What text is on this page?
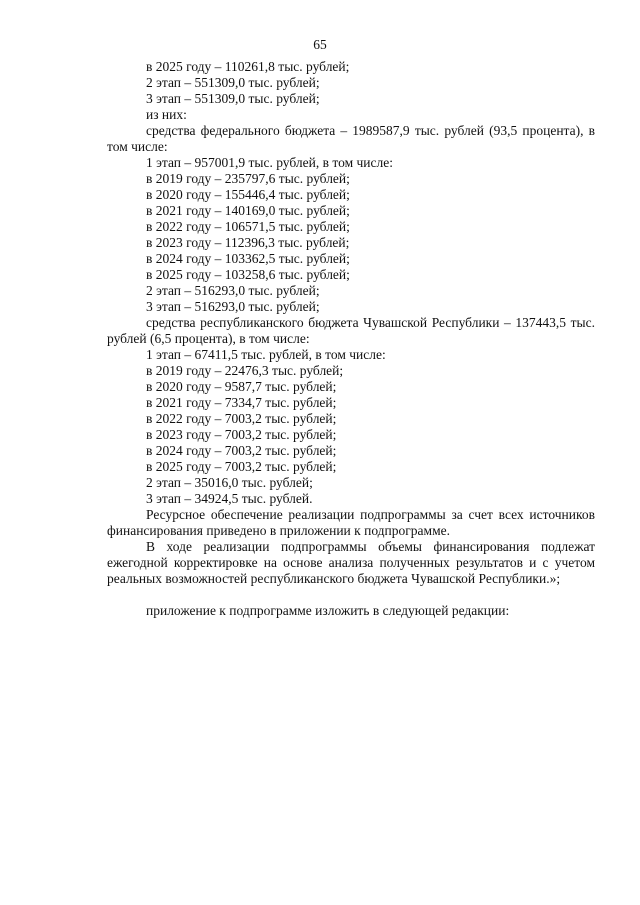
65
в 2025 году – 110261,8 тыс. рублей;
2 этап – 551309,0 тыс. рублей;
3 этап – 551309,0 тыс. рублей;
из них:

средства федерального бюджета – 1989587,9 тыс. рублей (93,5 процента), в том числе:

1 этап – 957001,9 тыс. рублей, в том числе:
в 2019 году – 235797,6 тыс. рублей;
в 2020 году – 155446,4 тыс. рублей;
в 2021 году – 140169,0 тыс. рублей;
в 2022 году – 106571,5 тыс. рублей;
в 2023 году – 112396,3 тыс. рублей;
в 2024 году – 103362,5 тыс. рублей;
в 2025 году – 103258,6 тыс. рублей;
2 этап – 516293,0 тыс. рублей;
3 этап – 516293,0 тыс. рублей;

средства республиканского бюджета Чувашской Республики – 137443,5 тыс. рублей (6,5 процента), в том числе:

1 этап – 67411,5 тыс. рублей, в том числе:
в 2019 году – 22476,3 тыс. рублей;
в 2020 году – 9587,7 тыс. рублей;
в 2021 году – 7334,7 тыс. рублей;
в 2022 году – 7003,2 тыс. рублей;
в 2023 году – 7003,2 тыс. рублей;
в 2024 году – 7003,2 тыс. рублей;
в 2025 году – 7003,2 тыс. рублей;
2 этап – 35016,0 тыс. рублей;
3 этап – 34924,5 тыс. рублей.

Ресурсное обеспечение реализации подпрограммы за счет всех источников финансирования приведено в приложении к подпрограмме.

В ходе реализации подпрограммы объемы финансирования подлежат ежегодной корректировке на основе анализа полученных результатов и с учетом реальных возможностей республиканского бюджета Чувашской Республики.»;

приложение к подпрограмме изложить в следующей редакции:
